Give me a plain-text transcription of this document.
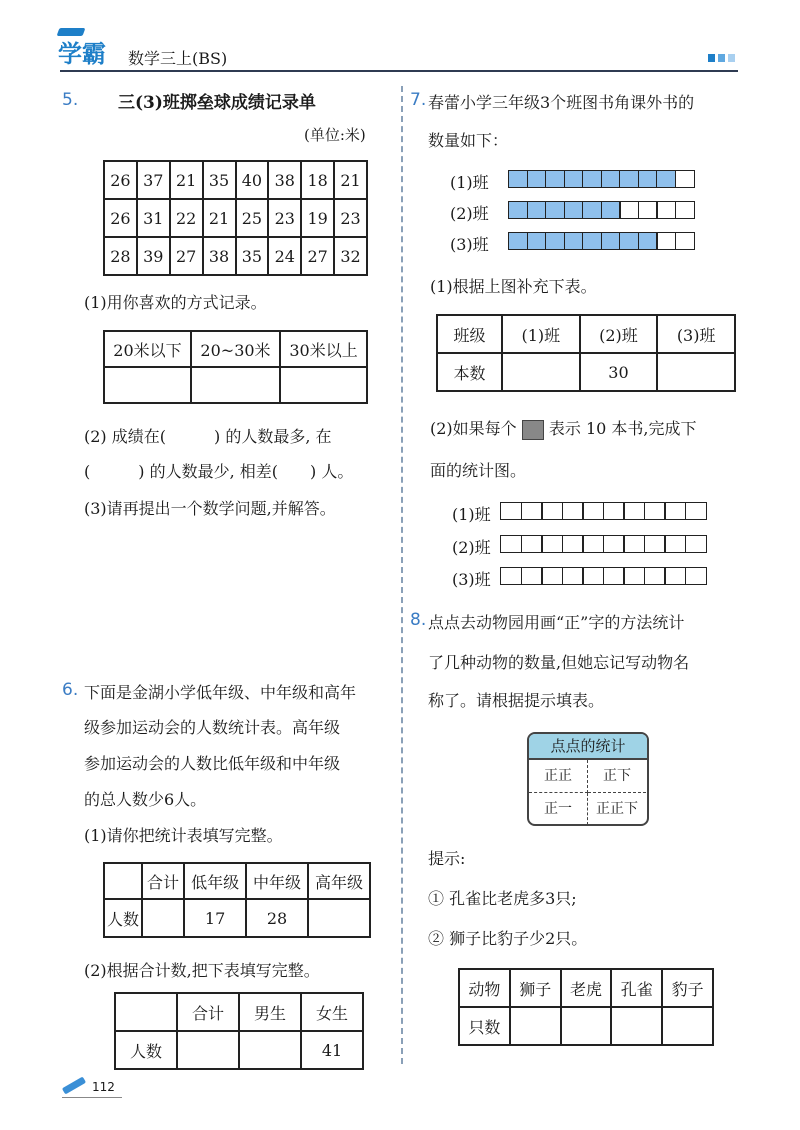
学霸 数学三上(BS)
5. 三(3)班掷垒球成绩记录单
(单位:米)
26	37	21	35	40	38	18	21
26	31	22	21	25	23	19	23
28	39	27	38	35	24	27	32
(1)用你喜欢的方式记录。
20米以下	20~30米	30米以上

(2) 成绩在(　　　) 的人数最多, 在
(　　　) 的人数最少, 相差(　　) 人。
(3)请再提出一个数学问题,并解答。
6. 下面是金湖小学低年级、中年级和高年
级参加运动会的人数统计表。高年级
参加运动会的人数比低年级和中年级
的总人数少6人。
(1)请你把统计表填写完整。
	合计	低年级	中年级	高年级
人数		17	28	
(2)根据合计数,把下表填写完整。
	合计	男生	女生
人数			41
7. 春蕾小学三年级3个班图书角课外书的
数量如下：
(1)班
(2)班
(3)班
(1)根据上图补充下表。
班级	(1)班	(2)班	(3)班
本数		30	
(2)如果每个 表示 10 本书,完成下
面的统计图。
(1)班
(2)班
(3)班
8. 点点去动物园用画“正”字的方法统计
了几种动物的数量,但她忘记写动物名
称了。请根据提示填表。
点点的统计
正正	正下
正一	正正下
提示:
① 孔雀比老虎多3只;
② 狮子比豹子少2只。
动物	狮子	老虎	孔雀	豹子
只数				
112
